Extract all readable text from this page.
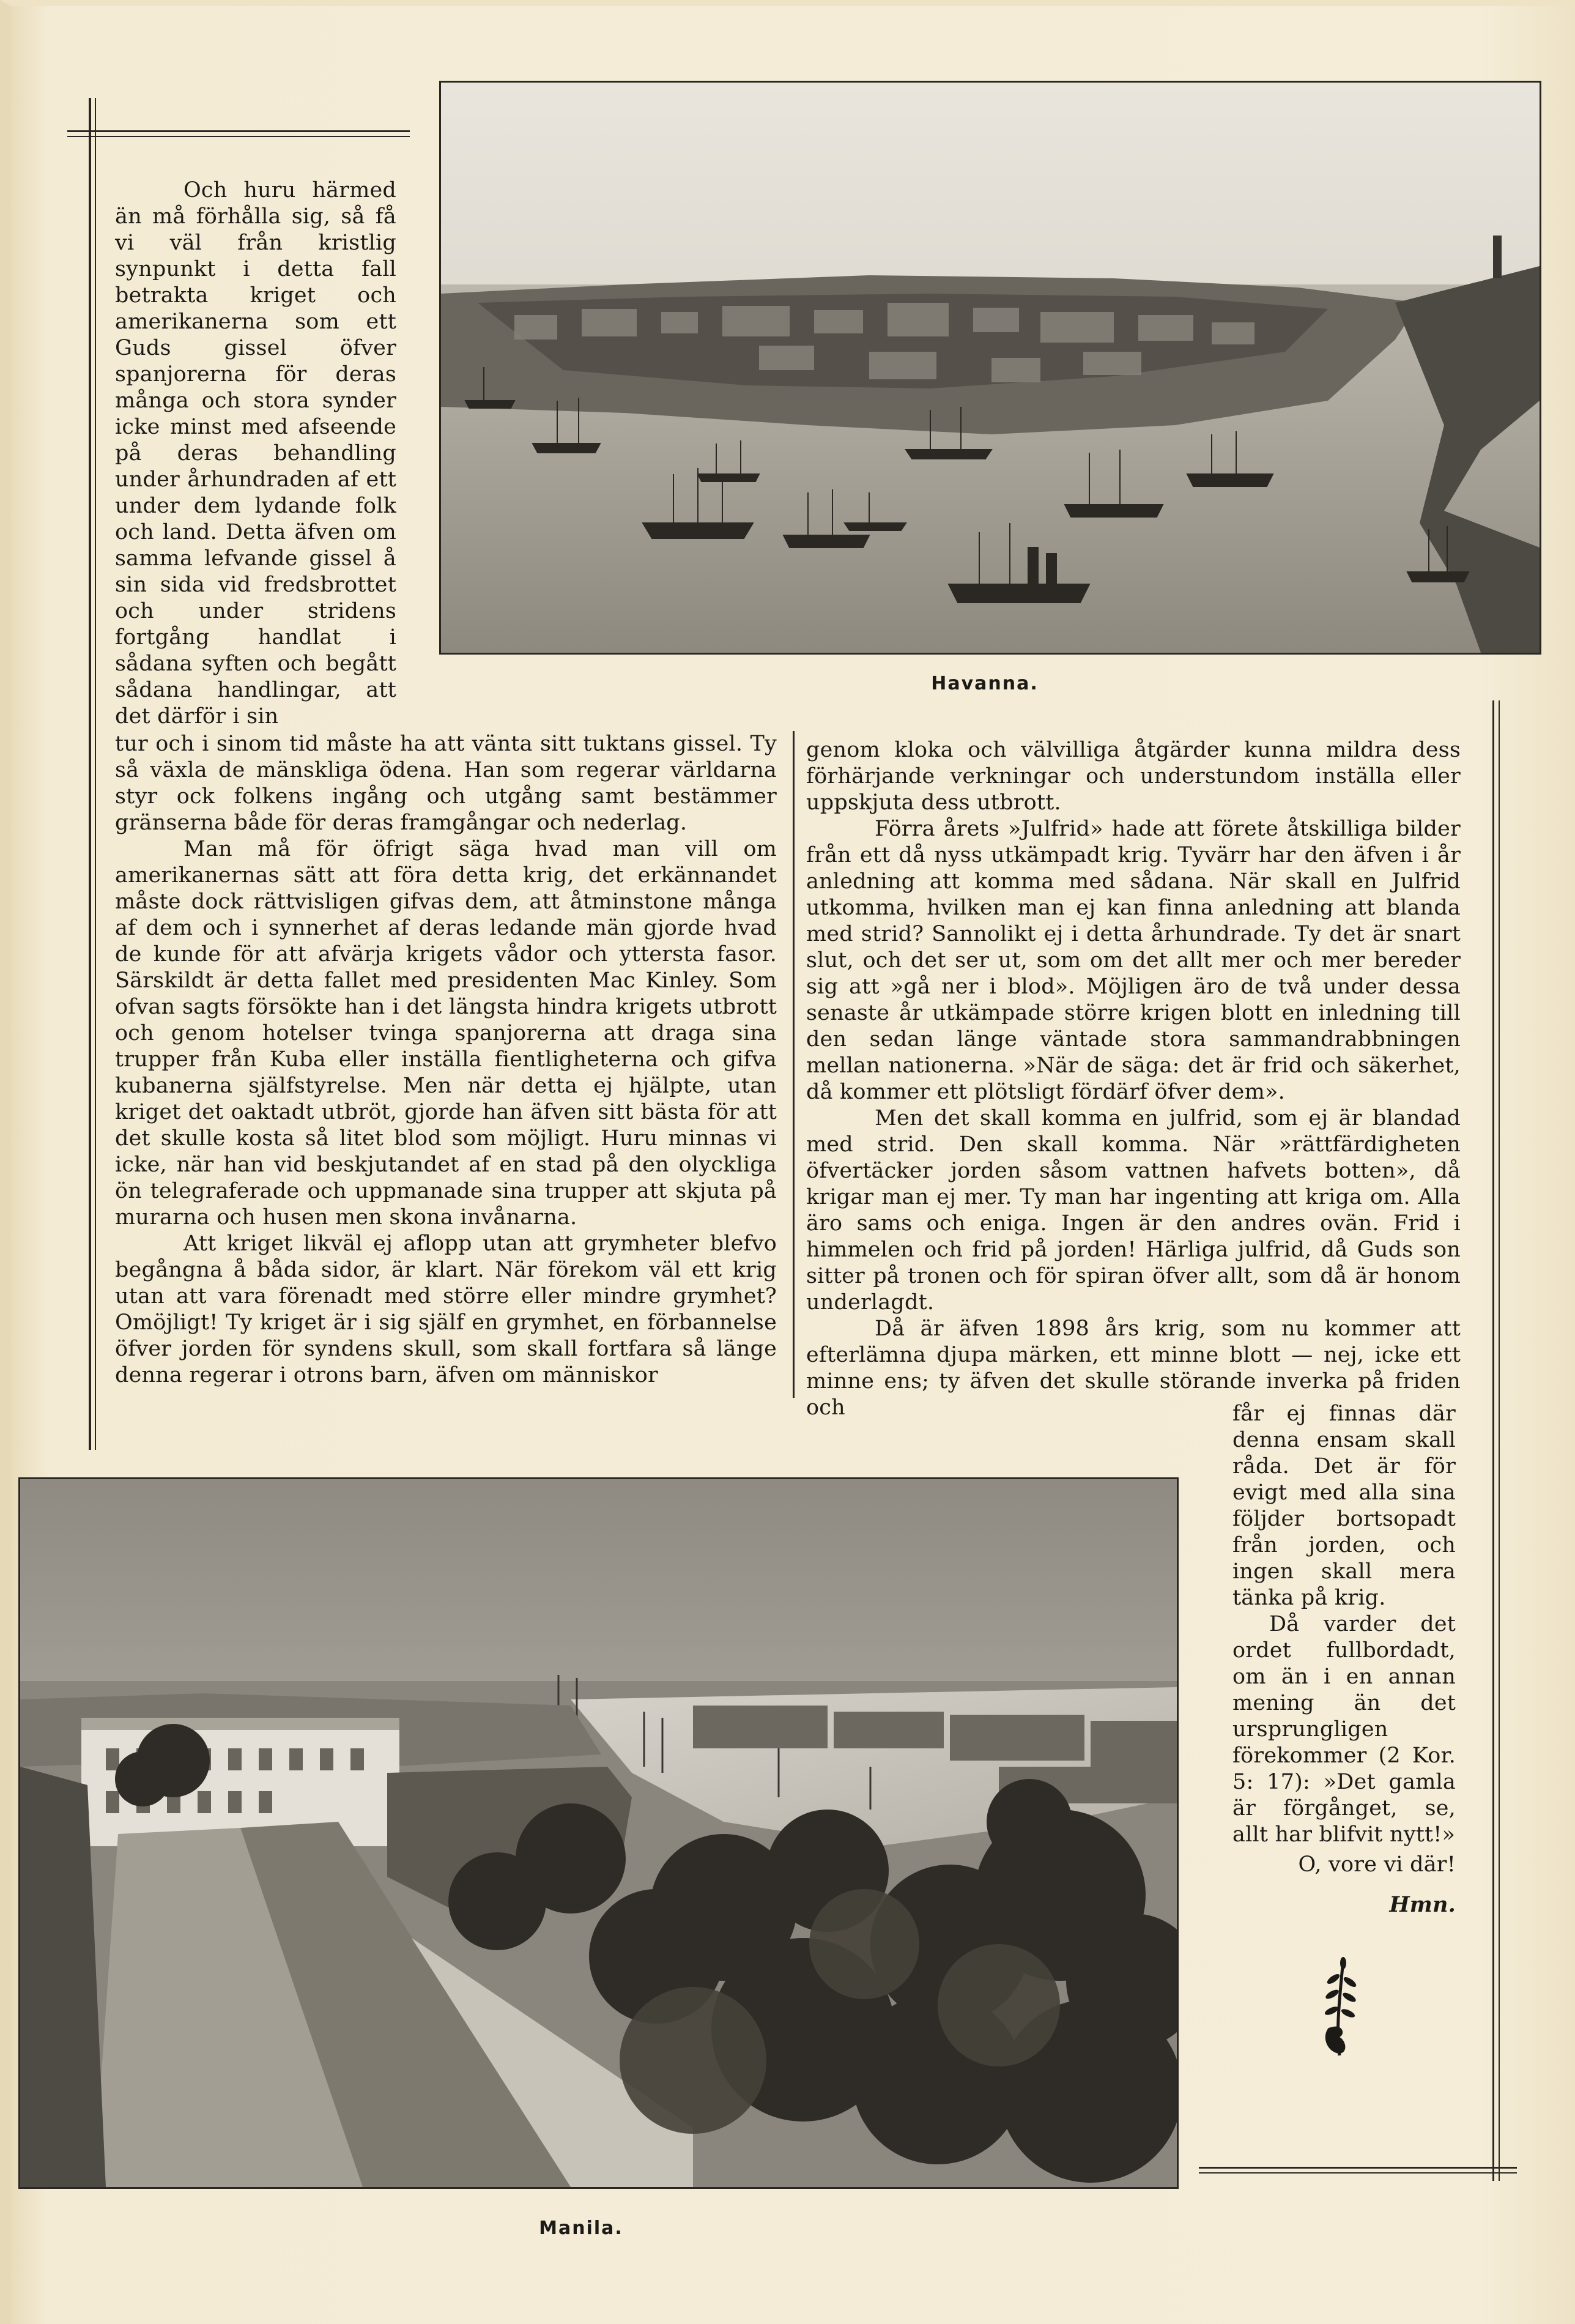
Havanna.

Och huru härmed än må förhålla sig, så få vi väl från kristlig synpunkt i detta fall betrakta kriget och amerikanerna som ett Guds gissel öfver spanjorerna för deras många och stora synder icke minst med afseende på deras behandling under århundraden af ett under dem lydande folk och land. Detta äfven om samma lefvande gissel å sin sida vid fredsbrottet och under stridens fortgång handlat i sådana syften och begått sådana handlingar, att det därför i sin

tur och i sinom tid måste ha att vänta sitt tuktans gissel. Ty så växla de mänskliga ödena. Han som regerar världarna styr ock folkens ingång och utgång samt bestämmer gränserna både för deras framgångar och nederlag.

Man må för öfrigt säga hvad man vill om amerikanernas sätt att föra detta krig, det erkännandet måste dock rättvisligen gifvas dem, att åtminstone många af dem och i synnerhet af deras ledande män gjorde hvad de kunde för att afvärja krigets vådor och yttersta fasor. Särskildt är detta fallet med presidenten Mac Kinley. Som ofvan sagts försökte han i det längsta hindra krigets utbrott och genom hotelser tvinga spanjorerna att draga sina trupper från Kuba eller inställa fientligheterna och gifva kubanerna själfstyrelse. Men när detta ej hjälpte, utan kriget det oaktadt utbröt, gjorde han äfven sitt bästa för att det skulle kosta så litet blod som möjligt. Huru minnas vi icke, när han vid beskjutandet af en stad på den olyckliga ön telegraferade och uppmanade sina trupper att skjuta på murarna och husen men skona invånarna.

Att kriget likväl ej aflopp utan att grymheter blefvo begångna å båda sidor, är klart. När förekom väl ett krig utan att vara förenadt med större eller mindre grymhet? Omöjligt! Ty kriget är i sig själf en grymhet, en förbannelse öfver jorden för syndens skull, som skall fortfara så länge denna regerar i otrons barn, äfven om människor

genom kloka och välvilliga åtgärder kunna mildra dess förhärjande verkningar och understundom inställa eller uppskjuta dess utbrott.

Förra årets »Julfrid» hade att förete åtskilliga bilder från ett då nyss utkämpadt krig. Tyvärr har den äfven i år anledning att komma med sådana. När skall en Julfrid utkomma, hvilken man ej kan finna anledning att blanda med strid? Sannolikt ej i detta århundrade. Ty det är snart slut, och det ser ut, som om det allt mer och mer bereder sig att »gå ner i blod». Möjligen äro de två under dessa senaste år utkämpade större krigen blott en inledning till den sedan länge väntade stora sammandrabbningen mellan nationerna. »När de säga: det är frid och säkerhet, då kommer ett plötsligt fördärf öfver dem».

Men det skall komma en julfrid, som ej är blandad med strid. Den skall komma. När »rättfärdigheten öfvertäcker jorden såsom vattnen hafvets botten», då krigar man ej mer. Ty man har ingenting att kriga om. Alla äro sams och eniga. Ingen är den andres ovän. Frid i himmelen och frid på jorden! Härliga julfrid, då Guds son sitter på tronen och för spiran öfver allt, som då är honom underlagdt.

Då är äfven 1898 års krig, som nu kommer att efterlämna djupa märken, ett minne blott — nej, icke ett minne ens; ty äfven det skulle störande inverka på friden och	får ej finnas där denna ensam skall råda. Det är för evigt med alla sina följder bortsopadt från jorden, och ingen skall mera tänka på krig.

Då varder det ordet fullbordadt, om än i en annan mening än det ursprungligen förekommer (2 Kor. 5: 17): »Det gamla är förgånget, se, allt har blifvit nytt!»

O, vore vi där!

Hmn.

Manila.
